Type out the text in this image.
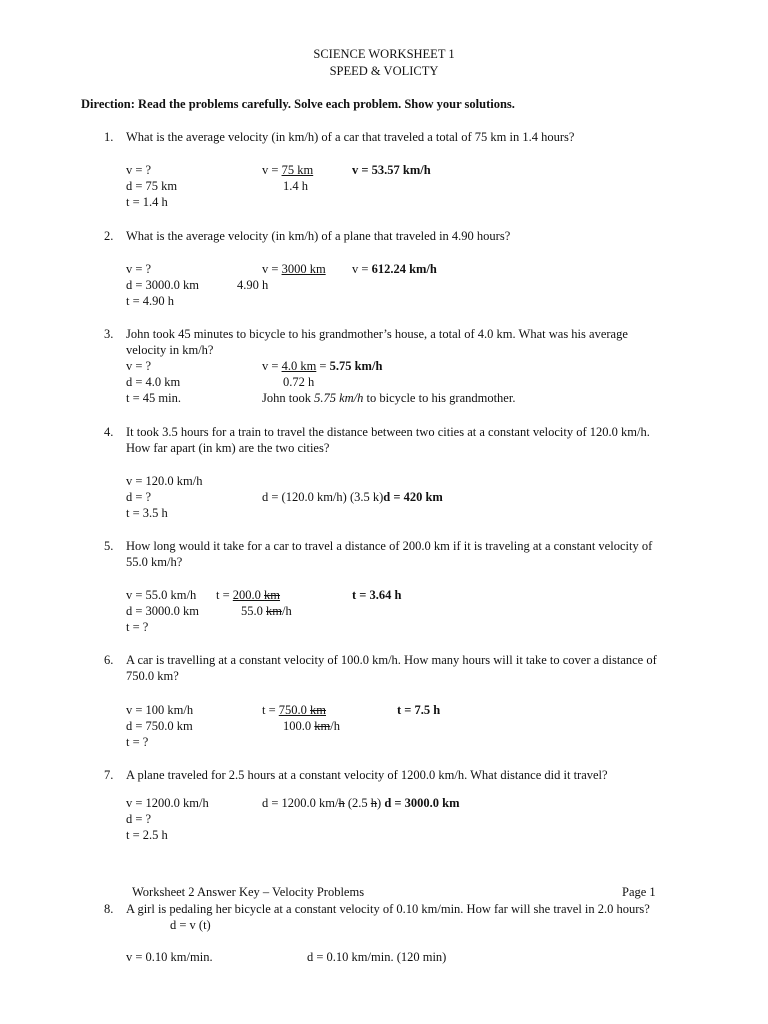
SCIENCE WORKSHEET 1
SPEED & VOLICTY
Direction: Read the problems carefully. Solve each problem. Show your solutions.
1. What is the average velocity (in km/h) of a car that traveled a total of 75 km in 1.4 hours?
v = ?
d = 75 km
t = 1.4 h
v = 75 km
1.4 h
v = 53.57 km/h
2. What is the average velocity (in km/h) of a plane that traveled in 4.90 hours?
v = ?
d = 3000.0 km
t = 4.90 h
v = 3000 km
4.90 h
v = 612.24 km/h
3. John took 45 minutes to bicycle to his grandmother’s house, a total of 4.0 km. What was his average
velocity in km/h?
v = ?
d = 4.0 km
t = 45 min.
v = 4.0 km = 5.75 km/h
0.72 h
John took 5.75 km/h to bicycle to his grandmother.
4. It took 3.5 hours for a train to travel the distance between two cities at a constant velocity of 120.0 km/h.
How far apart (in km) are the two cities?
v = 120.0 km/h
d = ?
t = 3.5 h
d = (120.0 km/h) (3.5 k)d = 420 km
5. How long would it take for a car to travel a distance of 200.0 km if it is traveling at a constant velocity of
55.0 km/h?
v = 55.0 km/h
d = 3000.0 km
t = ?
t = 200.0 km
55.0 km/h
t = 3.64 h
6. A car is travelling at a constant velocity of 100.0 km/h. How many hours will it take to cover a distance of
750.0 km?
v = 100 km/h
d = 750.0 km
t = ?
t = 750.0 km
100.0 km/h
t = 7.5 h
7. A plane traveled for 2.5 hours at a constant velocity of 1200.0 km/h. What distance did it travel?
v = 1200.0 km/h
d = ?
t = 2.5 h
d = 1200.0 km/h (2.5 h) d = 3000.0 km
Worksheet 2 Answer Key – Velocity Problems	Page 1
8. A girl is pedaling her bicycle at a constant velocity of 0.10 km/min. How far will she travel in 2.0 hours?
d = v (t)
v = 0.10 km/min.	d = 0.10 km/min. (120 min)
